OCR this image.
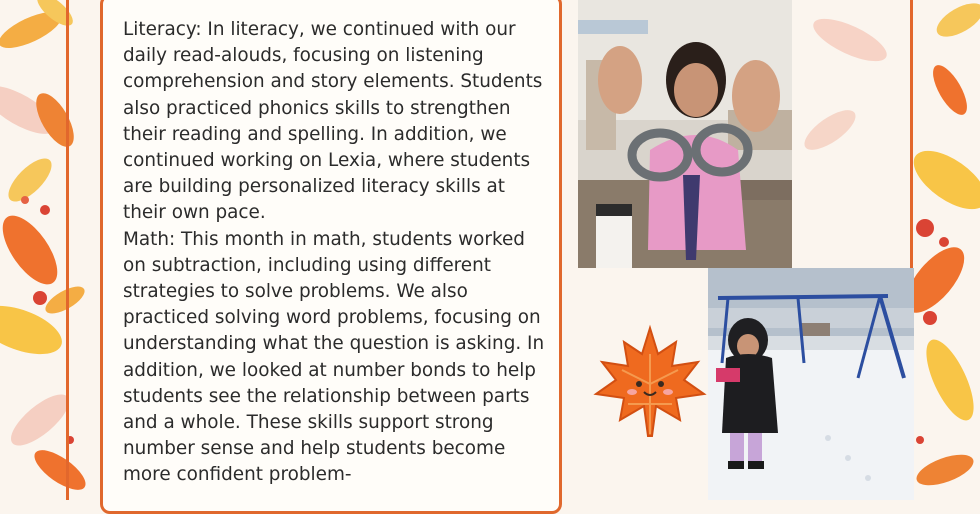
Literacy: In literacy, we continued with our daily read-alouds, focusing on listening comprehension and story elements. Students also practiced phonics skills to strengthen their reading and spelling. In addition, we continued working on Lexia, where students are building personalized literacy skills at their own pace.
Math: This month in math, students worked on subtraction, including using different strategies to solve problems. We also practiced solving word problems, focusing on understanding what the question is asking. In addition, we looked at number bonds to help students see the relationship between parts and a whole. These skills support strong number sense and help students become more confident problem-
